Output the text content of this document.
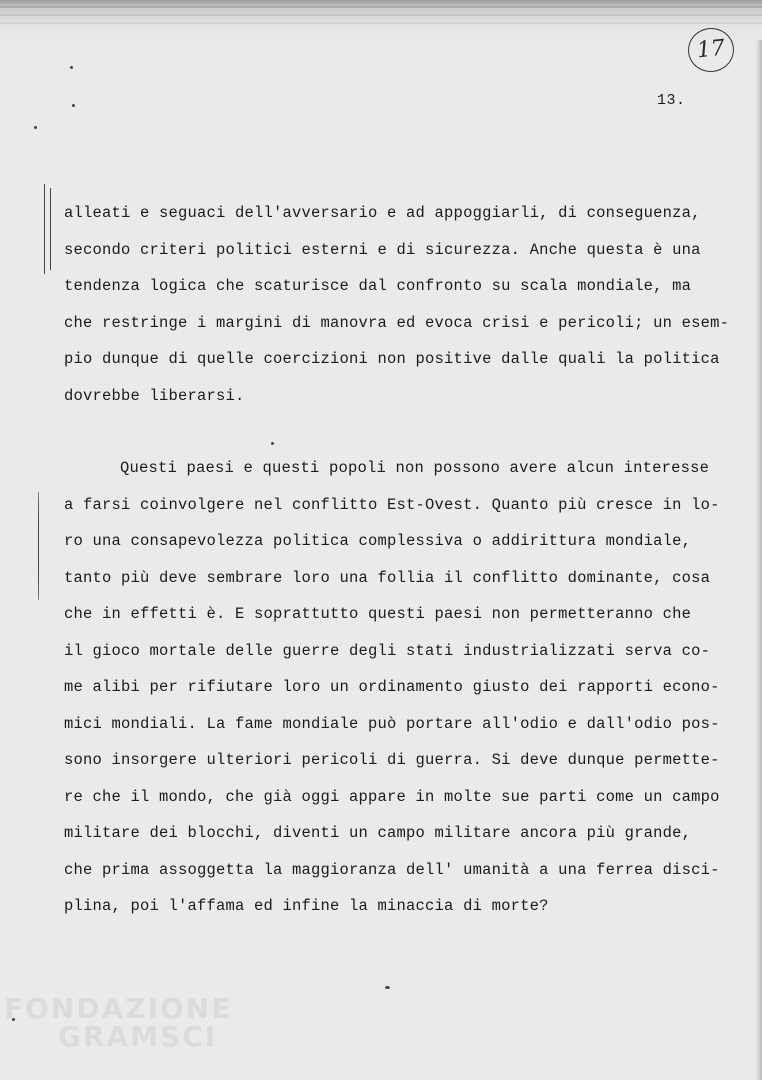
17
13.
alleati e seguaci dell'avversario e ad appoggiarli, di conseguenza,
secondo criteri politici esterni e di sicurezza. Anche questa è una
tendenza logica che scaturisce dal confronto su scala mondiale, ma
che restringe i margini di manovra ed evoca crisi e pericoli; un esem-
pio dunque di quelle coercizioni non positive dalle quali la politica
dovrebbe liberarsi.
Questi paesi e questi popoli non possono avere alcun interesse
a farsi coinvolgere nel conflitto Est-Ovest. Quanto più cresce in lo-
ro una consapevolezza politica complessiva o addirittura mondiale,
tanto più deve sembrare loro una follia il conflitto dominante, cosa
che in effetti è. E soprattutto questi paesi non permetteranno che
il gioco mortale delle guerre degli stati industrializzati serva co-
me alibi per rifiutare loro un ordinamento giusto dei rapporti econo-
mici mondiali. La fame mondiale può portare all'odio e dall'odio pos-
sono insorgere ulteriori pericoli di guerra. Si deve dunque permette-
re che il mondo, che già oggi appare in molte sue parti come un campo
militare dei blocchi, diventi un campo militare ancora più grande,
che prima assoggetta la maggioranza dell' umanità a una ferrea disci-
plina, poi l'affama ed infine la minaccia di morte?
FONDAZIONE
GRAMSCI
